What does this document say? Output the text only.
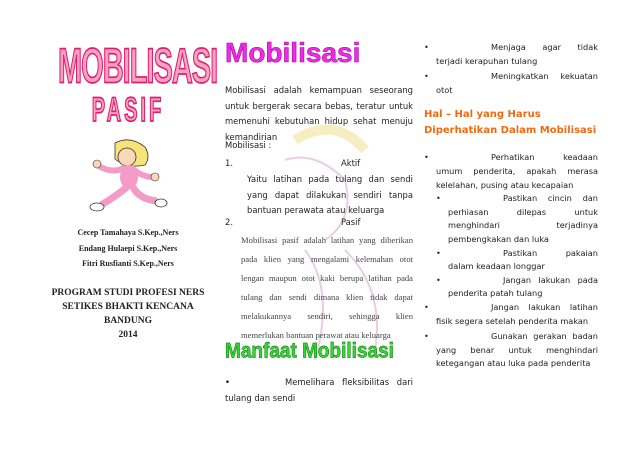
MOBILISASI
PASIF
Cecep Tamahaya S.Kep.,Ners
Endang Hulaepi S.Kep.,Ners
Fitri Rusfianti S.Kep.,Ners
PROGRAM STUDI PROFESI NERS
SETIKES BHAKTI KENCANA
BANDUNG
2014
Mobilisasi
Mobilisasi adalah kemampuan seseorang untuk bergerak secara bebas, teratur untuk memenuhi kebutuhan hidup sehat menuju kemandirian
Mobilisasi :
1.	Aktif
Yaitu latihan pada tulang dan sendi yang dapat dilakukan sendiri tanpa bantuan perawata atau keluarga
2.	Pasif
Mobilisasi pasif adalah latihan yang diberikan pada klien yang mengalami kelemahan otot lengan maupun otot kaki berupa latihan pada tulang dan sendi dimana klien tidak dapat melakukannya sendiri, sehingga klien memerlukan bantuan perawat atau keluarga
Manfaat Mobilisasi
• •	Memelihara fleksibilitas dari tulang dan sendi
• Menjaga agar tidak terjadi kerapuhan tulang
• Meningkatkan kekuatan otot
Hal – Hal yang Harus
Diperhatikan Dalam Mobilisasi
• Perhatikan	keadaan umum penderita, apakah merasa kelelahan, pusing atau kecapaian
• Pastikan cincin dan perhiasan dilepas untuk menghindari terjadinya pembengkakan dan luka
• Pastikan	pakaian dalam keadaan longgar
• Jangan lakukan pada penderita patah tulang
• Jangan lakukan latihan fisik segera setelah penderita makan
• Gunakan gerakan badan yang benar untuk menghindari ketegangan atau luka pada penderita
